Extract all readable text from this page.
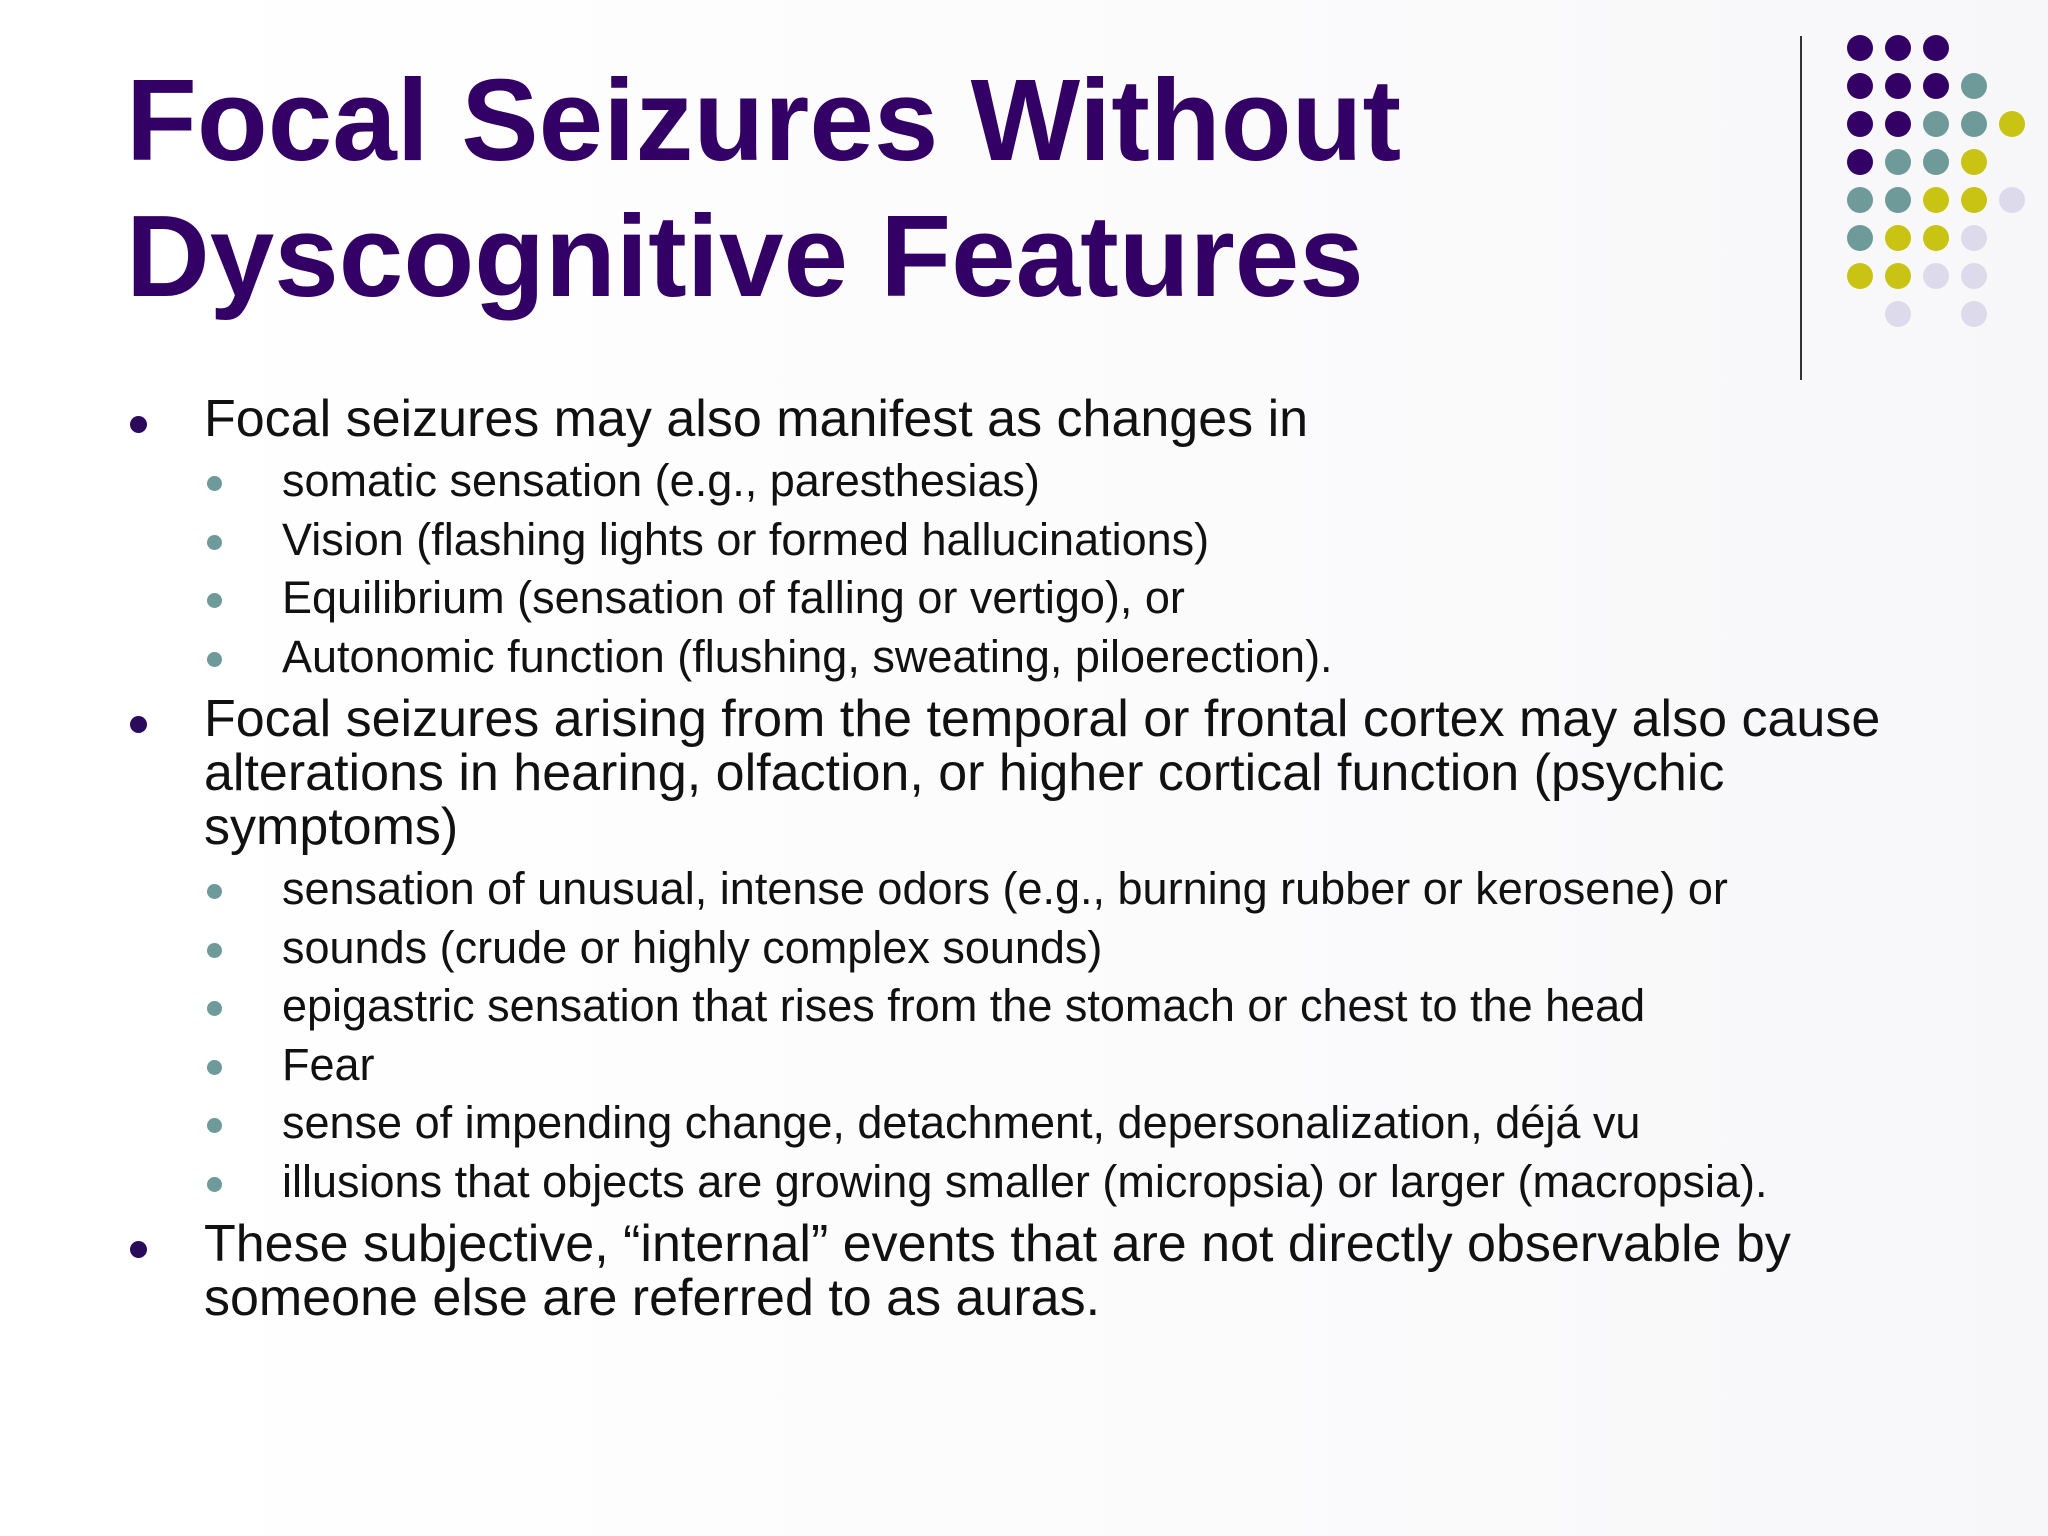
Focal Seizures Without
Dyscognitive Features
Focal seizures may also manifest as changes in
somatic sensation (e.g., paresthesias)
Vision (flashing lights or formed hallucinations)
Equilibrium (sensation of falling or vertigo), or
Autonomic function (flushing, sweating, piloerection).
Focal seizures arising from the temporal or frontal cortex may also cause alterations in hearing, olfaction, or higher cortical function (psychic symptoms)
sensation of unusual, intense odors (e.g., burning rubber or kerosene) or
sounds (crude or highly complex sounds)
epigastric sensation that rises from the stomach or chest to the head
Fear
sense of impending change, detachment, depersonalization, déjá vu
illusions that objects are growing smaller (micropsia) or larger (macropsia).
These subjective, “internal” events that are not directly observable by someone else are referred to as auras.
